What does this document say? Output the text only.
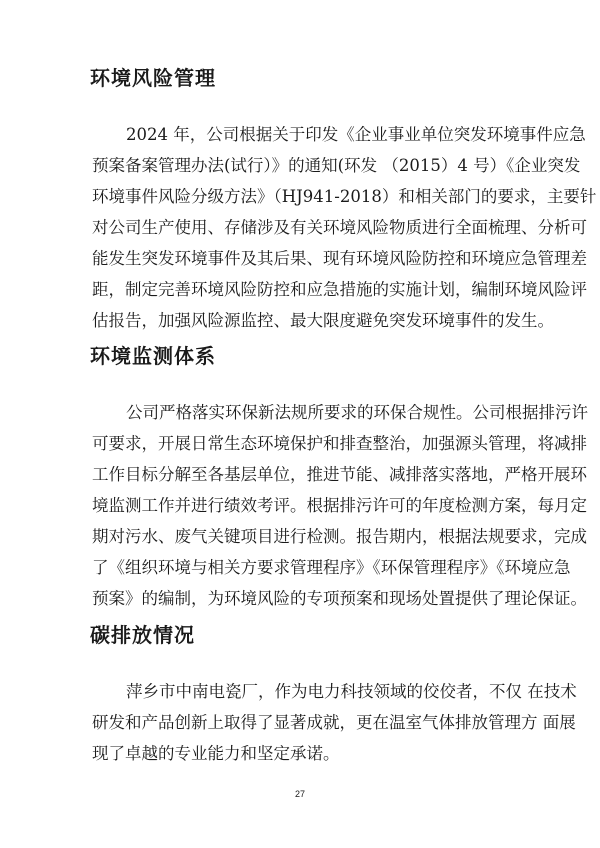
环境风险管理
2024 年，公司根据关于印发《企业事业单位突发环境事件应急
预案备案管理办法(试行）》的通知(环发 （2015）4 号）《企业突发
环境事件风险分级方法》（HJ941-2018）和相关部门的要求，主要针
对公司生产使用、存储涉及有关环境风险物质进行全面梳理、分析可
能发生突发环境事件及其后果、现有环境风险防控和环境应急管理差
距，制定完善环境风险防控和应急措施的实施计划，编制环境风险评
估报告，加强风险源监控、最大限度避免突发环境事件的发生。
环境监测体系
公司严格落实环保新法规所要求的环保合规性。公司根据排污许
可要求，开展日常生态环境保护和排查整治，加强源头管理，将减排
工作目标分解至各基层单位，推进节能、减排落实落地，严格开展环
境监测工作并进行绩效考评。根据排污许可的年度检测方案，每月定
期对污水、废气关键项目进行检测。报告期内，根据法规要求，完成
了《组织环境与相关方要求管理程序》《环保管理程序》《环境应急
预案》的编制，为环境风险的专项预案和现场处置提供了理论保证。
碳排放情况
萍乡市中南电瓷厂，作为电力科技领域的佼佼者，不仅 在技术
研发和产品创新上取得了显著成就，更在温室气体排放管理方 面展
现了卓越的专业能力和坚定承诺。
27
